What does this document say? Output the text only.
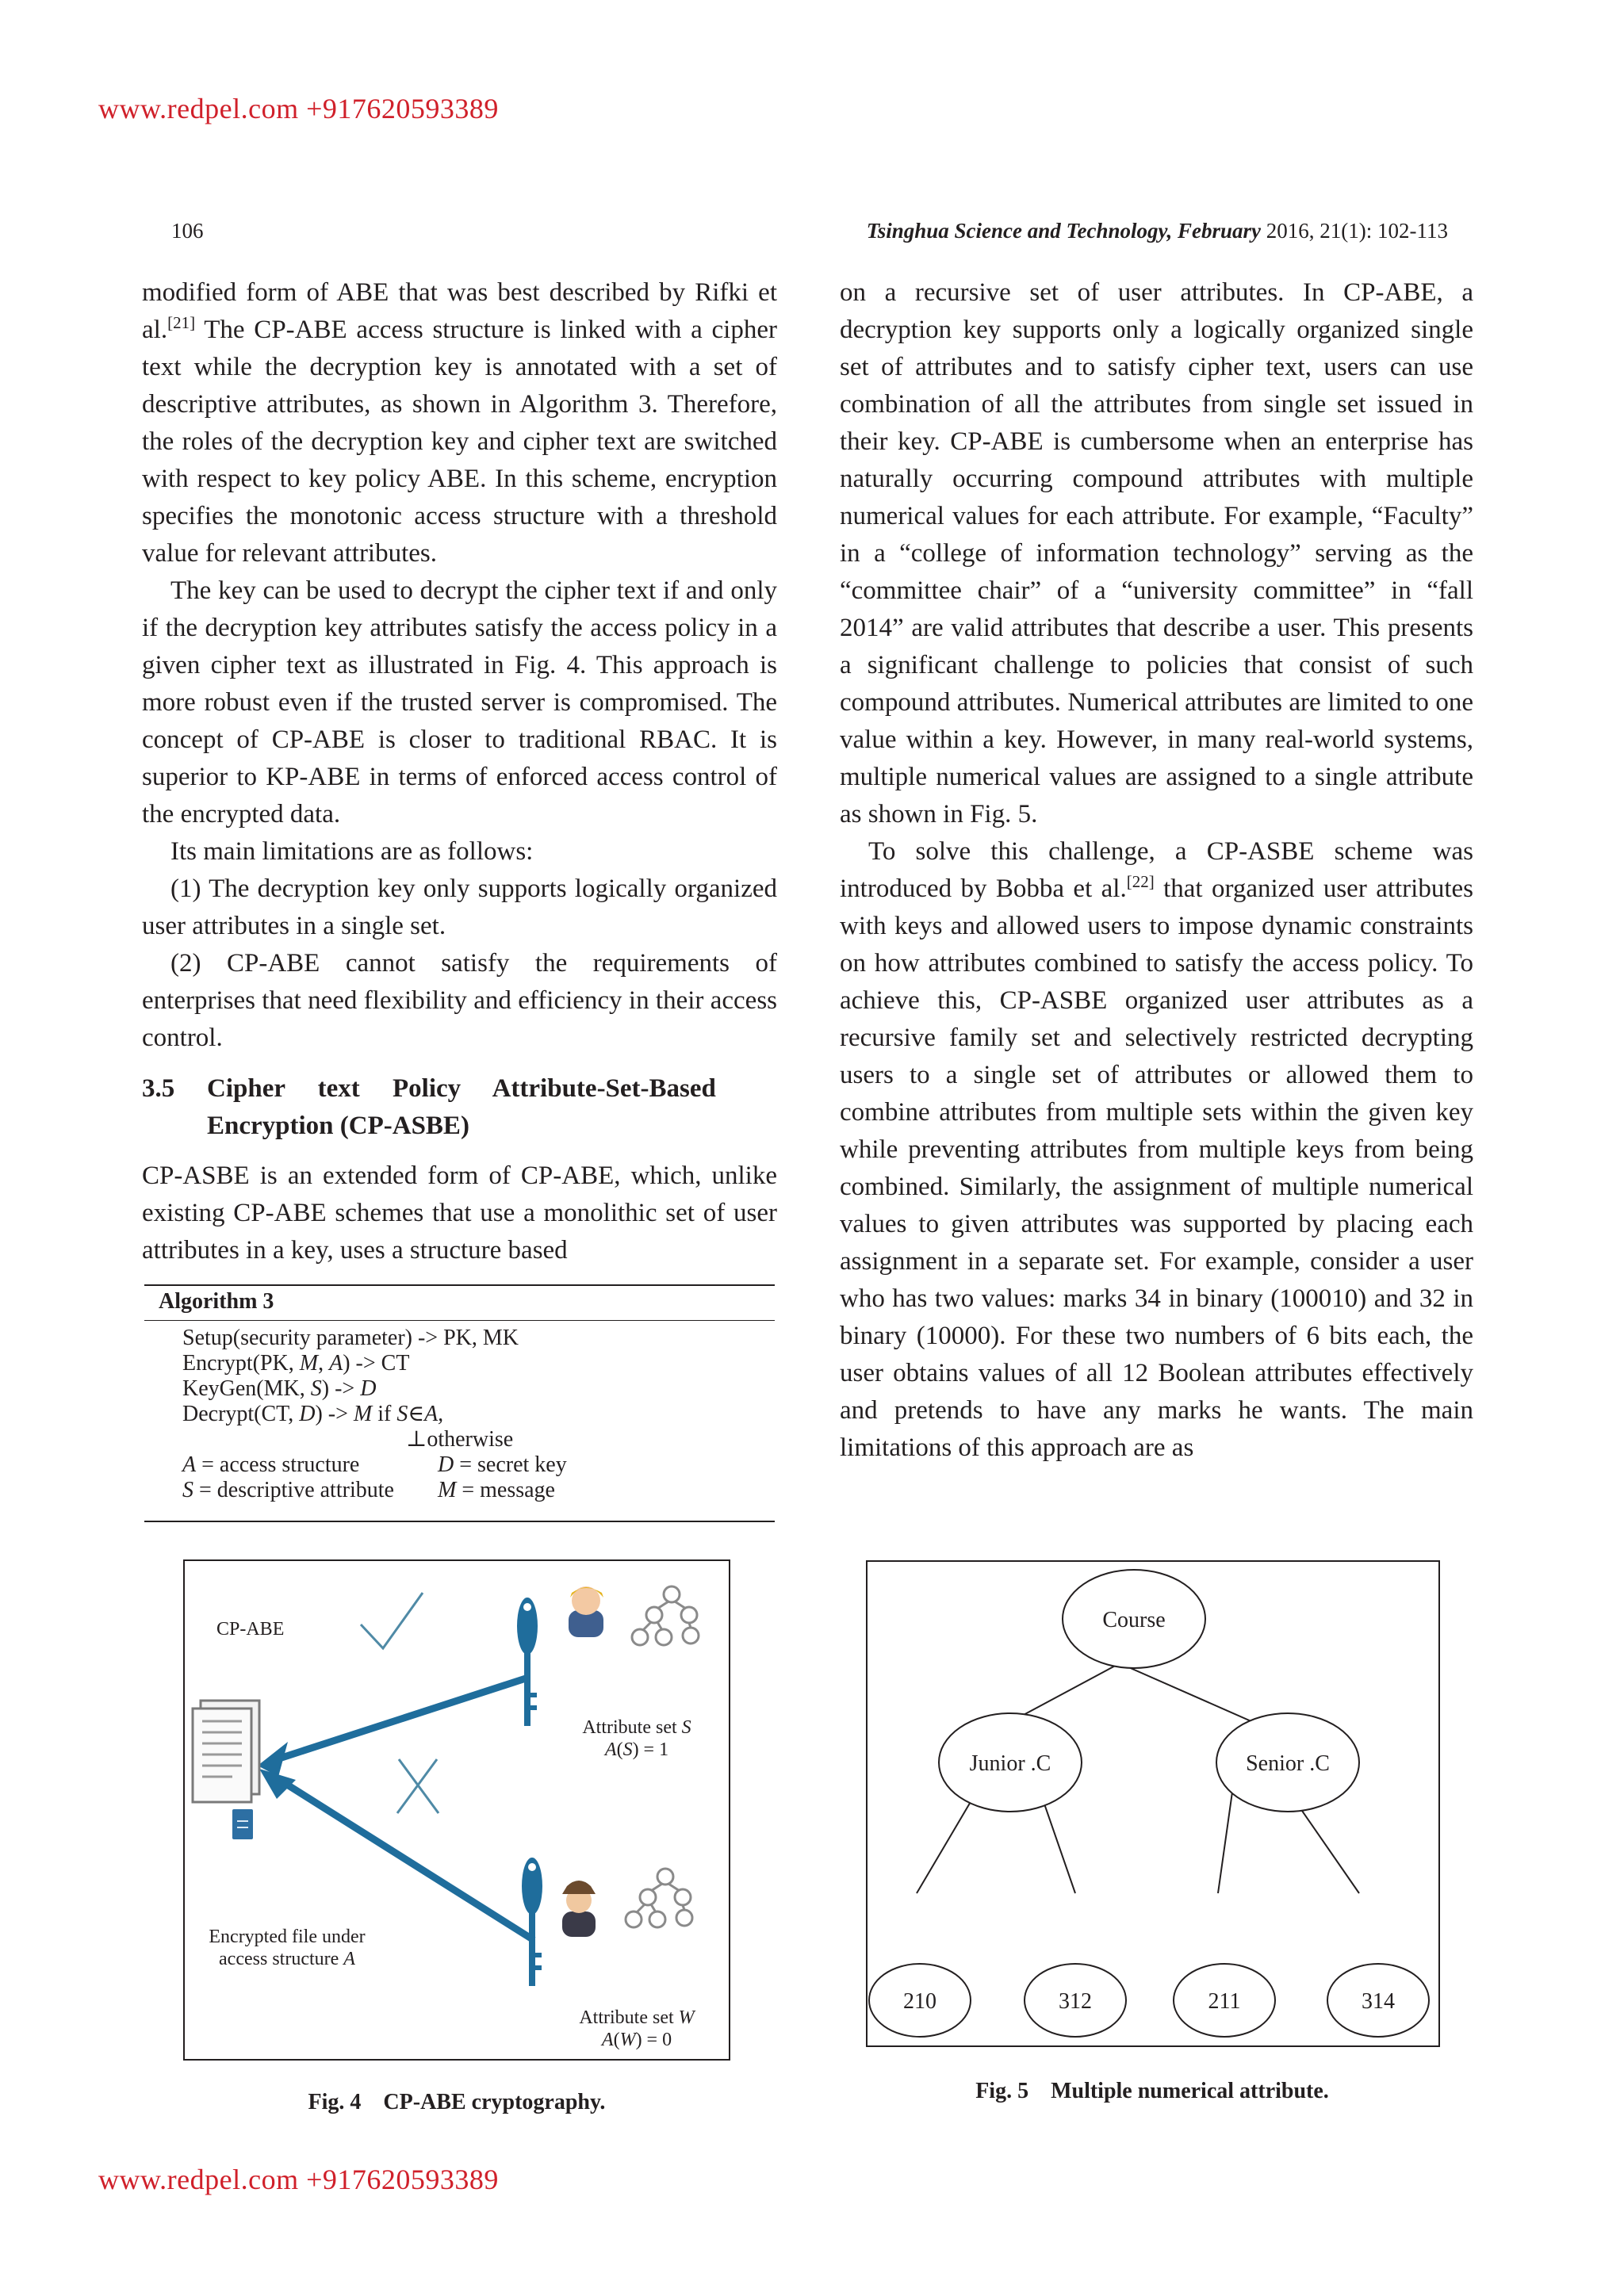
www.redpel.com +917620593389
www.redpel.com +917620593389
106	Tsinghua Science and Technology, February 2016, 21(1): 102-113

modified form of ABE that was best described by Rifki et al.[21] The CP-ABE access structure is linked with a cipher text while the decryption key is annotated with a set of descriptive attributes, as shown in Algorithm 3. Therefore, the roles of the decryption key and cipher text are switched with respect to key policy ABE. In this scheme, encryption specifies the monotonic access structure with a threshold value for relevant attributes.

The key can be used to decrypt the cipher text if and only if the decryption key attributes satisfy the access policy in a given cipher text as illustrated in Fig. 4. This approach is more robust even if the trusted server is compromised. The concept of CP-ABE is closer to traditional RBAC. It is superior to KP-ABE in terms of enforced access control of the encrypted data.

Its main limitations are as follows:

(1) The decryption key only supports logically organized user attributes in a single set.

(2) CP-ABE cannot satisfy the requirements of enterprises that need flexibility and efficiency in their access control.

3.5	Cipher     text     Policy     Attribute-Set-Based
Encryption (CP-ASBE)

CP-ASBE is an extended form of CP-ABE, which, unlike existing CP-ABE schemes that use a monolithic set of user attributes in a key, uses a structure based

Algorithm 3
Setup(security parameter) -> PK, MK
Encrypt(PK, M, A) -> CT
KeyGen(MK, S) -> D
Decrypt(CT, D) -> M if S∈A,
⊥otherwise
A = access structure	D = secret key
S = descriptive attribute	M = message

on a recursive set of user attributes. In CP-ABE, a decryption key supports only a logically organized single set of attributes and to satisfy cipher text, users can use combination of all the attributes from single set issued in their key. CP-ABE is cumbersome when an enterprise has naturally occurring compound attributes with multiple numerical values for each attribute. For example, “Faculty” in a “college of information technology” serving as the “committee chair” of a “university committee” in “fall 2014” are valid attributes that describe a user. This presents a significant challenge to policies that consist of such compound attributes. Numerical attributes are limited to one value within a key. However, in many real-world systems, multiple numerical values are assigned to a single attribute as shown in Fig. 5.

To solve this challenge, a CP-ASBE scheme was introduced by Bobba et al.[22] that organized user attributes with keys and allowed users to impose dynamic constraints on how attributes combined to satisfy the access policy. To achieve this, CP-ASBE organized user attributes as a recursive family set and selectively restricted decrypting users to a single set of attributes or allowed them to combine attributes from multiple sets within the given key while preventing attributes from multiple keys from being combined. Similarly, the assignment of multiple numerical values to given attributes was supported by placing each assignment in a separate set. For example, consider a user who has two values: marks 34 in binary (100010) and 32 in binary (10000). For these two numbers of 6 bits each, the user obtains values of all 12 Boolean attributes effectively and pretends to have any marks he wants. The main limitations of this approach are as

CP-ABE
Attribute set S
A(S) = 1
Encrypted file under
access structure A
Attribute set W
A(W) = 0
Fig. 4    CP-ABE cryptography.
Course
Junior .C	Senior .C
210	312	211	314
Fig. 5    Multiple numerical attribute.
